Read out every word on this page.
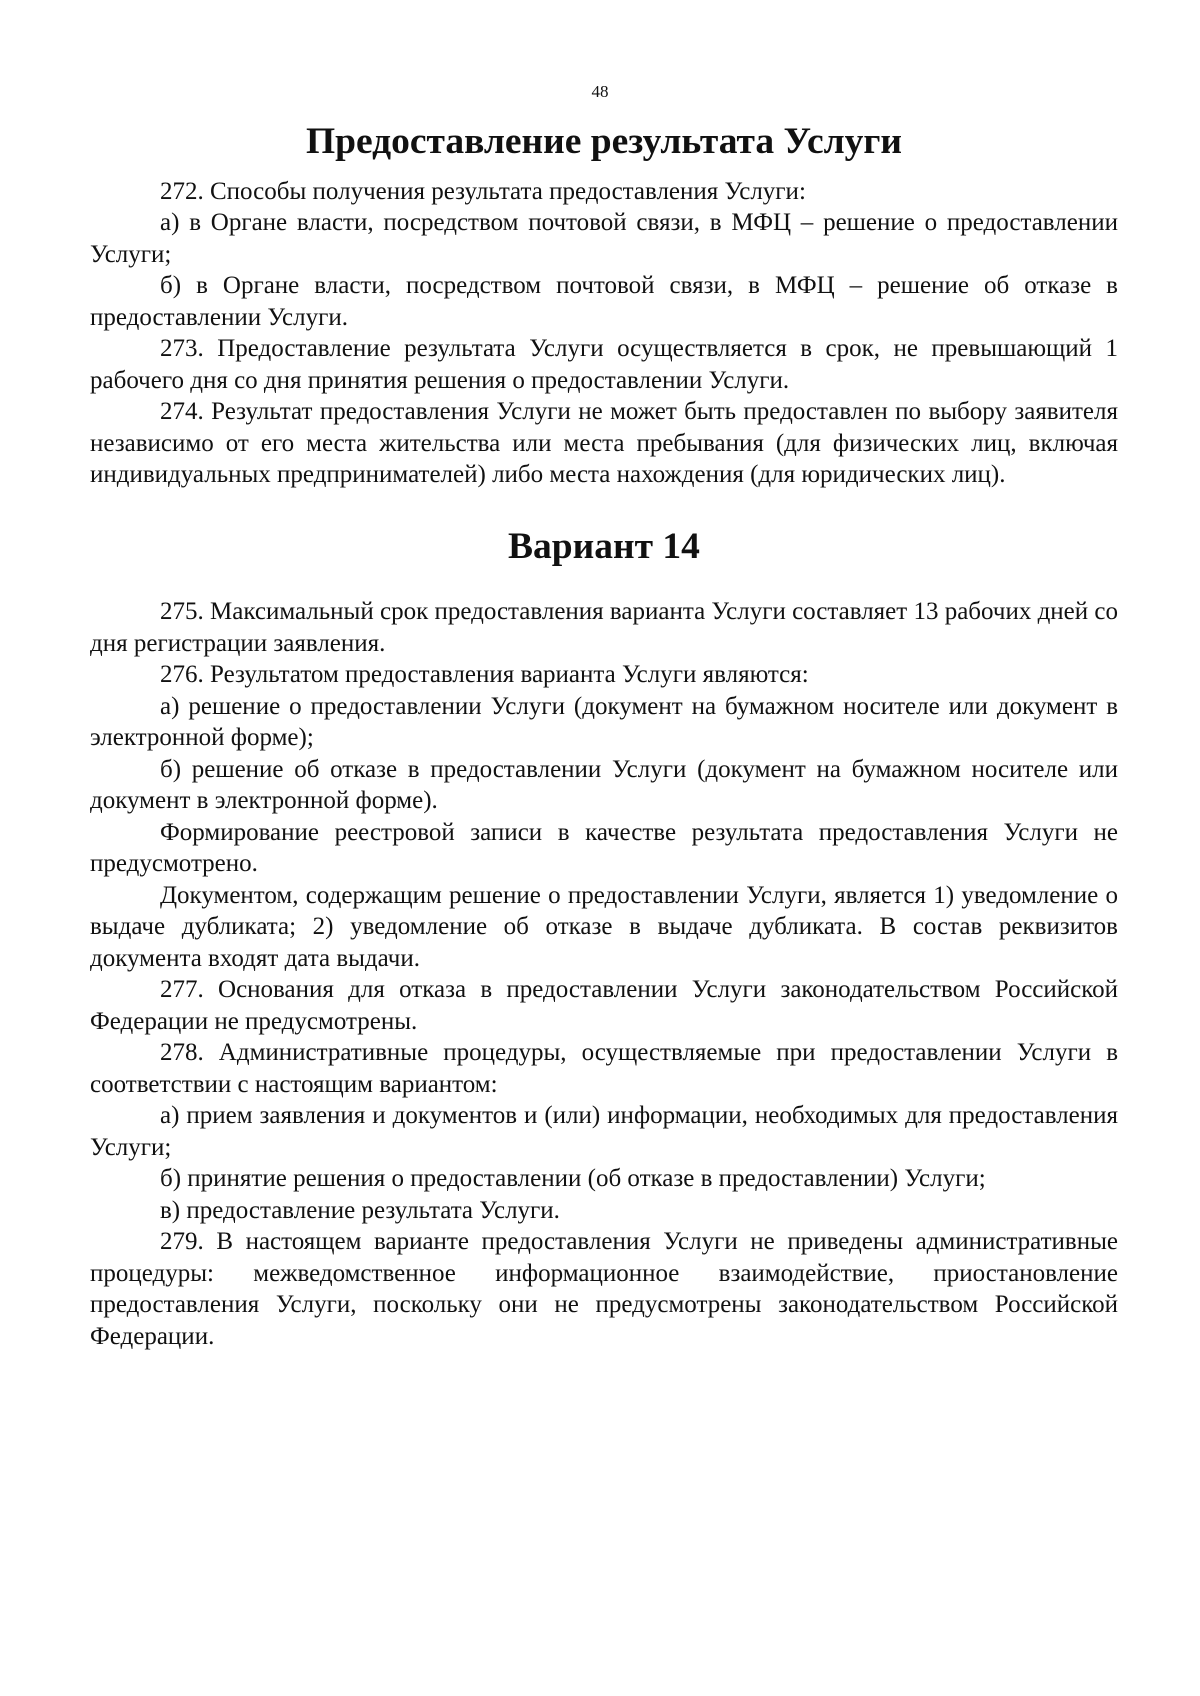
48
Предоставление результата Услуги

272. Способы получения результата предоставления Услуги:

а) в Органе власти, посредством почтовой связи, в МФЦ – решение о предоставлении Услуги;

б) в Органе власти, посредством почтовой связи, в МФЦ – решение об отказе в предоставлении Услуги.

273. Предоставление результата Услуги осуществляется в срок, не превышающий 1 рабочего дня со дня принятия решения о предоставлении Услуги.

274. Результат предоставления Услуги не может быть предоставлен по выбору заявителя независимо от его места жительства или места пребывания (для физических лиц, включая индивидуальных предпринимателей) либо места нахождения (для юридических лиц).

Вариант 14

275. Максимальный срок предоставления варианта Услуги составляет 13 рабочих дней со дня регистрации заявления.

276. Результатом предоставления варианта Услуги являются:

а) решение о предоставлении Услуги (документ на бумажном носителе или документ в электронной форме);

б) решение об отказе в предоставлении Услуги (документ на бумажном носителе или документ в электронной форме).

Формирование реестровой записи в качестве результата предоставления Услуги не предусмотрено.

Документом, содержащим решение о предоставлении Услуги, является 1) уведомление о выдаче дубликата; 2) уведомление об отказе в выдаче дубликата. В состав реквизитов документа входят дата выдачи.

277. Основания для отказа в предоставлении Услуги законодательством Российской Федерации не предусмотрены.

278. Административные процедуры, осуществляемые при предоставлении Услуги в соответствии с настоящим вариантом:

а) прием заявления и документов и (или) информации, необходимых для предоставления Услуги;

б) принятие решения о предоставлении (об отказе в предоставлении) Услуги;

в) предоставление результата Услуги.

279. В настоящем варианте предоставления Услуги не приведены административные процедуры: межведомственное информационное взаимодействие, приостановление предоставления Услуги, поскольку они не предусмотрены законодательством Российской Федерации.
